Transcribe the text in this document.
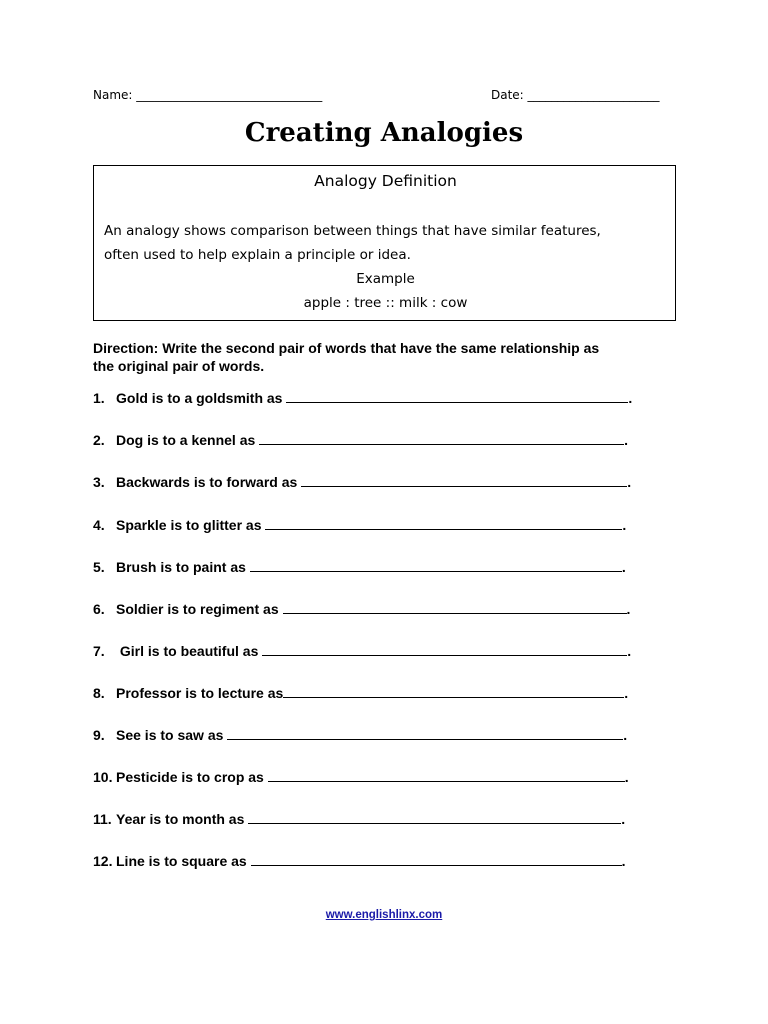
Name: _______________________________	Date: ______________________
Creating Analogies
Analogy Definition
An analogy shows comparison between things that have similar features,
often used to help explain a principle or idea.
Example
apple : tree :: milk : cow
Direction: Write the second pair of words that have the same relationship as
the original pair of words.
1. Gold is to a goldsmith as	.
2. Dog is to a kennel as	.
3. Backwards is to forward as	.
4. Sparkle is to glitter as	.
5. Brush is to paint as	.
6. Soldier is to regiment as	.
7. Girl is to beautiful as	.
8. Professor is to lecture as	.
9. See is to saw as	.
10. Pesticide is to crop as	.
11. Year is to month as	.
12. Line is to square as	.
www.englishlinx.com
